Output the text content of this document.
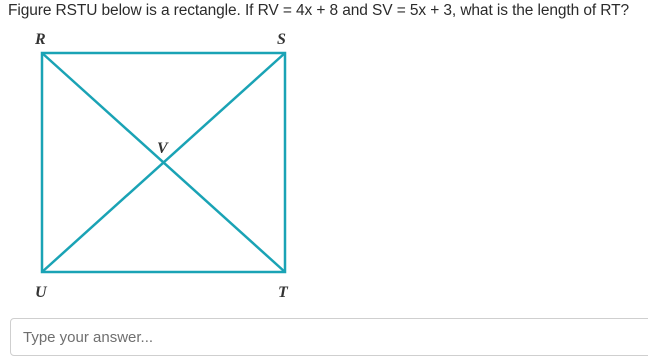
Figure RSTU below is a rectangle. If RV = 4x + 8 and SV = 5x + 3, what is the length of RT?
R	S
V
U	T
Type your answer...
